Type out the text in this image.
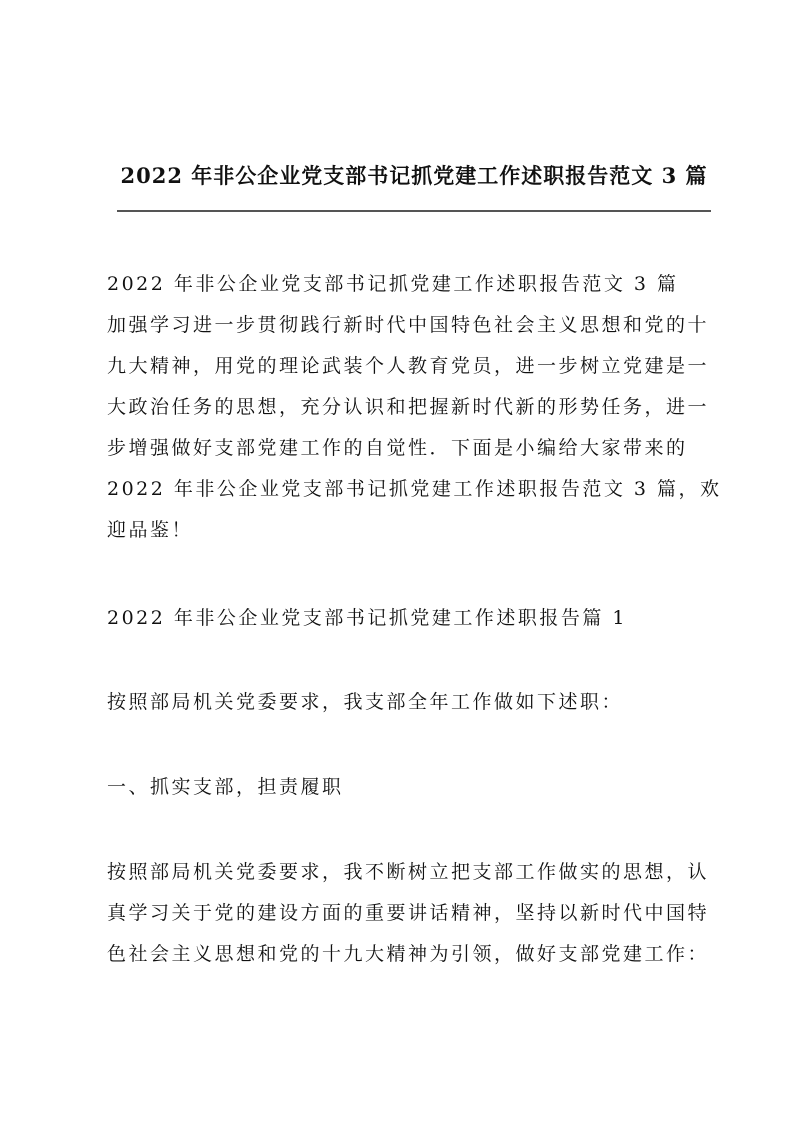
2022 年非公企业党支部书记抓党建工作述职报告范文 3 篇

2022 年非公企业党支部书记抓党建工作述职报告范文 3 篇
加强学习进一步贯彻践行新时代中国特色社会主义思想和党的十
九大精神，用党的理论武装个人教育党员，进一步树立党建是一
大政治任务的思想，充分认识和把握新时代新的形势任务，进一
步增强做好支部党建工作的自觉性．下面是小编给大家带来的
2022 年非公企业党支部书记抓党建工作述职报告范文 3 篇，欢
迎品鉴！

2022 年非公企业党支部书记抓党建工作述职报告篇 1

按照部局机关党委要求，我支部全年工作做如下述职：

一、抓实支部，担责履职

按照部局机关党委要求，我不断树立把支部工作做实的思想，认
真学习关于党的建设方面的重要讲话精神，坚持以新时代中国特
色社会主义思想和党的十九大精神为引领，做好支部党建工作：
